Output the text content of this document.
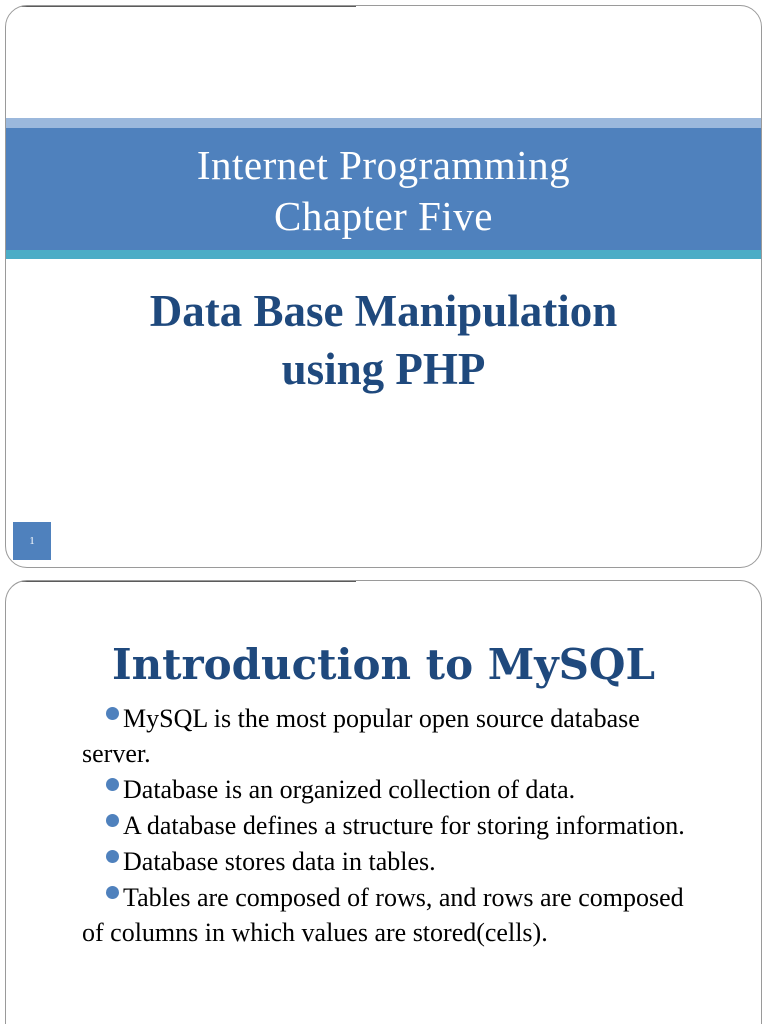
Internet Programming
Chapter Five
Data Base Manipulation
using PHP
1
Introduction to MySQL
MySQL is the most popular open source database server.
Database is an organized collection of data.
A database defines a structure for storing information.
Database stores data in tables.
Tables are composed of rows, and rows are composed of columns in which values are stored(cells).
